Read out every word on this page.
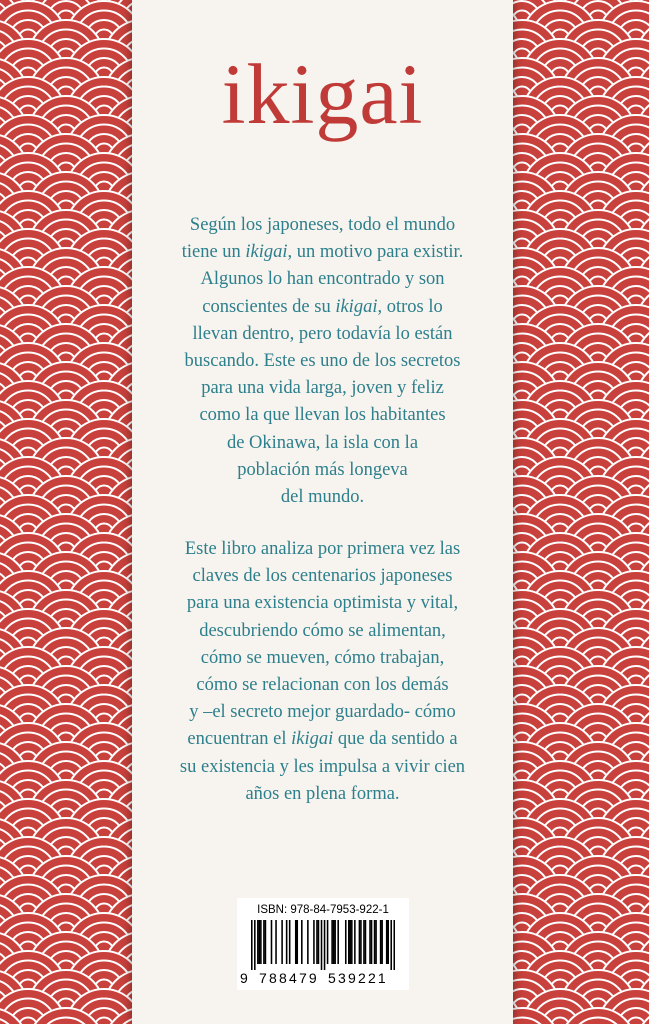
ikigai
Según los japoneses, todo el mundo
tiene un ikigai, un motivo para existir.
Algunos lo han encontrado y son
conscientes de su ikigai, otros lo
llevan dentro, pero todavía lo están
buscando. Este es uno de los secretos
para una vida larga, joven y feliz
como la que llevan los habitantes
de Okinawa, la isla con la
población más longeva
del mundo.
Este libro analiza por primera vez las
claves de los centenarios japoneses
para una existencia optimista y vital,
descubriendo cómo se alimentan,
cómo se mueven, cómo trabajan,
cómo se relacionan con los demás
y –el secreto mejor guardado- cómo
encuentran el ikigai que da sentido a
su existencia y les impulsa a vivir cien
años en plena forma.
ISBN: 978-84-7953-922-1
9 788479 539221
